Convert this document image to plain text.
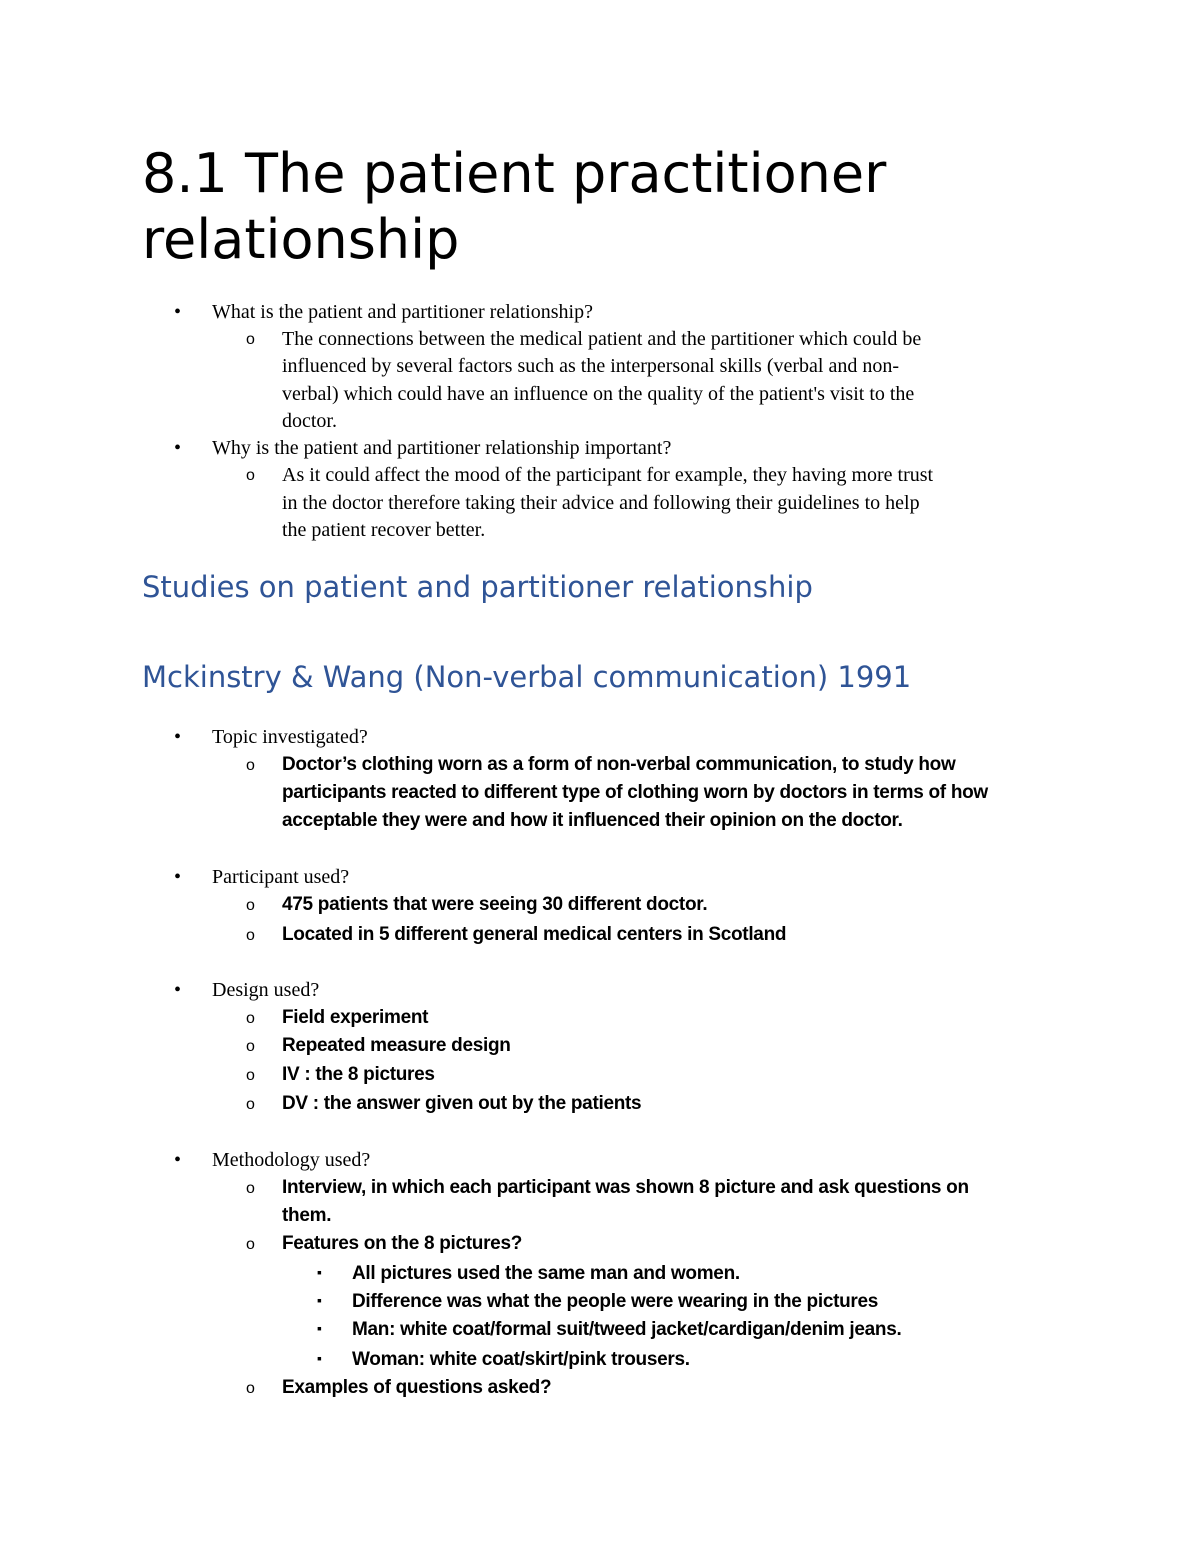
8.1 The patient practitioner
relationship
• What is the patient and partitioner relationship?
o The connections between the medical patient and the partitioner which could be
influenced by several factors such as the interpersonal skills (verbal and non-
verbal) which could have an influence on the quality of the patient's visit to the
doctor.
• Why is the patient and partitioner relationship important?
o As it could affect the mood of the participant for example, they having more trust
in the doctor therefore taking their advice and following their guidelines to help
the patient recover better.
Studies on patient and partitioner relationship
Mckinstry & Wang (Non-verbal communication) 1991
• Topic investigated?
o Doctor’s clothing worn as a form of non-verbal communication, to study how
participants reacted to different type of clothing worn by doctors in terms of how
acceptable they were and how it influenced their opinion on the doctor.
• Participant used?
o 475 patients that were seeing 30 different doctor.
o Located in 5 different general medical centers in Scotland
• Design used?
o Field experiment
o Repeated measure design
o IV : the 8 pictures
o DV : the answer given out by the patients
• Methodology used?
o Interview, in which each participant was shown 8 picture and ask questions on
them.
o Features on the 8 pictures?
▪ All pictures used the same man and women.
▪ Difference was what the people were wearing in the pictures
▪ Man: white coat/formal suit/tweed jacket/cardigan/denim jeans.
▪ Woman: white coat/skirt/pink trousers.
o Examples of questions asked?
